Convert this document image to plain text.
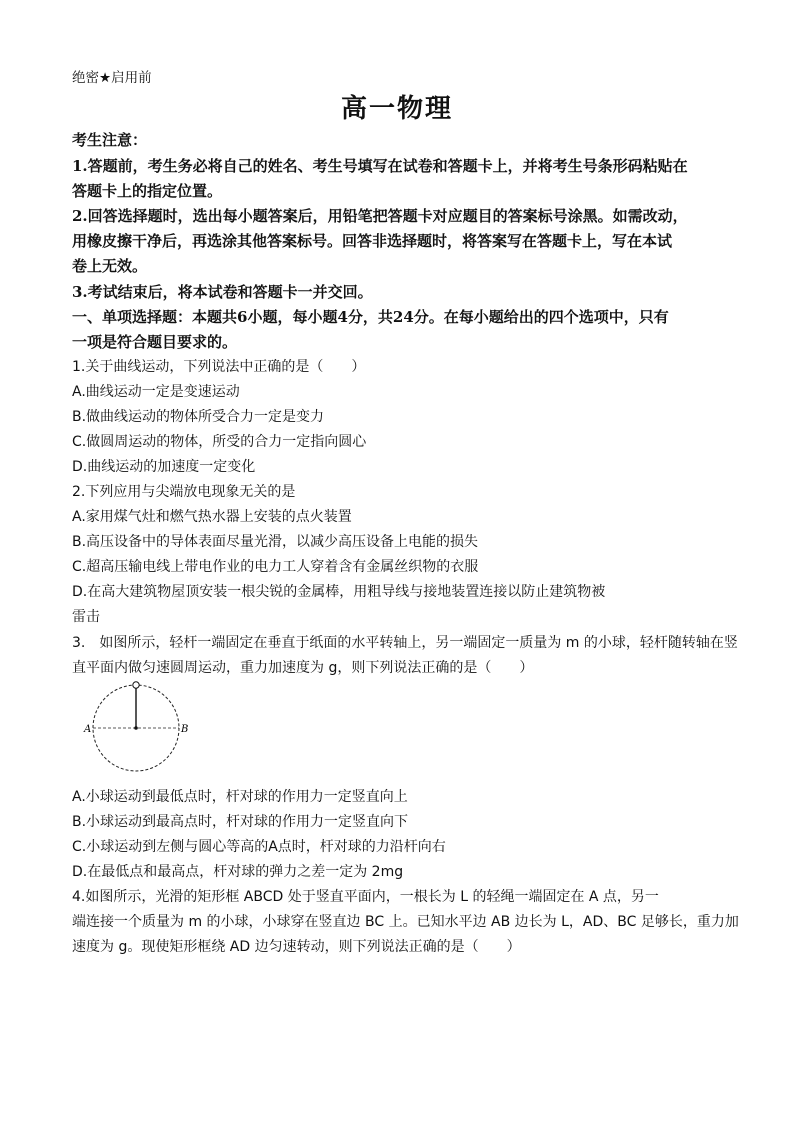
绝密★启用前
高一物理
考生注意：
1.答题前，考生务必将自己的姓名、考生号填写在试卷和答题卡上，并将考生号条形码粘贴在
答题卡上的指定位置。
2.回答选择题时，选出每小题答案后，用铅笔把答题卡对应题目的答案标号涂黑。如需改动，
用橡皮擦干净后，再选涂其他答案标号。回答非选择题时，将答案写在答题卡上，写在本试
卷上无效。
3.考试结束后，将本试卷和答题卡一并交回。
一、单项选择题：本题共6小题，每小题4分，共24分。在每小题给出的四个选项中，只有
一项是符合题目要求的。
1.关于曲线运动，下列说法中正确的是（　　）
A.曲线运动一定是变速运动
B.做曲线运动的物体所受合力一定是变力
C.做圆周运动的物体，所受的合力一定指向圆心
D.曲线运动的加速度一定变化
2.下列应用与尖端放电现象无关的是
A.家用煤气灶和燃气热水器上安装的点火装置
B.高压设备中的导体表面尽量光滑，以减少高压设备上电能的损失
C.超高压输电线上带电作业的电力工人穿着含有金属丝织物的衣服
D.在高大建筑物屋顶安装一根尖锐的金属棒，用粗导线与接地装置连接以防止建筑物被
雷击
3.　如图所示，轻杆一端固定在垂直于纸面的水平转轴上，另一端固定一质量为 m 的小球，轻杆随转轴在竖
直平面内做匀速圆周运动，重力加速度为 g，则下列说法正确的是（　　）
A	B
A.小球运动到最低点时，杆对球的作用力一定竖直向上
B.小球运动到最高点时，杆对球的作用力一定竖直向下
C.小球运动到左侧与圆心等高的A点时，杆对球的力沿杆向右
D.在最低点和最高点，杆对球的弹力之差一定为 2mg
4.如图所示，光滑的矩形框 ABCD 处于竖直平面内，一根长为 L 的轻绳一端固定在 A 点，另一
端连接一个质量为 m 的小球，小球穿在竖直边 BC 上。已知水平边 AB 边长为 L，AD、BC 足够长，重力加
速度为 g。现使矩形框绕 AD 边匀速转动，则下列说法正确的是（　　）
